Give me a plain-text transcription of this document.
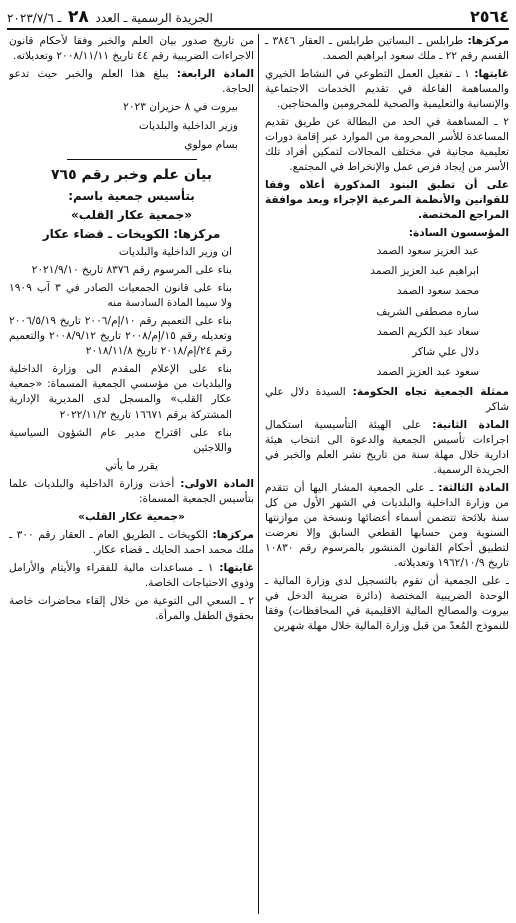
٢٥٦٤
الجريدة الرسمية ـ العدد ٢٨ ـ ٢٠٢٣/٧/٦

مركزها: طرابلس ـ البساتين طرابلس ـ العقار ٣٨٤٦ ـ القسم رقم ٢٢ ـ ملك سعود ابراهيم الصمد.

غايتها: ١ ـ تفعيل العمل التطوعي في النشاط الخيري والمساهمة الفاعلة في تقديم الخدمات الاجتماعية والإنسانية والتعليمية والصحية للمحرومين والمحتاجين.

٢ ـ المساهمة في الحد من البطالة عن طريق تقديم المساعدة للأسر المحرومة من الموارد عبر إقامة دورات تعليمية مجانية في مختلف المجالات لتمكين أفراد تلك الأسر من إيجاد فرص عمل والإنخراط في المجتمع.

على أن تطبق البنود المذكورة أعلاه وفقا للقوانين والأنظمة المرعية الإجراء وبعد موافقة المراجع المختصة.

المؤسسون السادة:

عبد العزيز سعود الصمد

ابراهيم عبد العزيز الصمد

محمد سعود الصمد

ساره مصطفى الشريف

سعاد عبد الكريم الصمد

دلال علي شاكر

سعود عبد العزيز الصمد

ممثلة الجمعية تجاه الحكومة: السيدة دلال علي شاكر

المادة الثانية: على الهيئة التأسيسية استكمال اجراءات تأسيس الجمعية والدعوة الى انتخاب هيئة ادارية خلال مهلة سنة من تاريخ نشر العلم والخبر في الجريدة الرسمية.

المادة الثالثة: ـ على الجمعية المشار اليها أن تتقدم من وزارة الداخلية والبلديات في الشهر الأول من كل سنة بلائحة تتضمن أسماء أعضائها ونسخة من موازنتها السنوية ومن حسابها القطعي السابق وإلا نعرضت لتطبيق أحكام القانون المنشور بالمرسوم رقم ١٠٨٣٠ تاريخ ١٩٦٢/١٠/٩ وتعديلاته.

ـ على الجمعية أن تقوم بالتسجيل لدى وزارة المالية ـ الوحدة الضريبية المختصة (دائرة ضريبة الدخل في بيروت والمصالح المالية الاقليمية في المحافظات) وفقا للنموذج المُعدّ من قبل وزارة المالية خلال مهلة شهرين

من تاريخ صدور بيان العلم والخبر وفقا لأحكام قانون الاجراءات الضريبية رقم ٤٤ تاريخ ٢٠٠٨/١١/١١ وتعديلاته.

المادة الرابعة: يبلغ هذا العلم والخبر حيث تدعو الحاجة.

بيروت في ٨ حزيران ٢٠٢٣

وزير الداخلية والبلديات

بسام مولوي

بيان علم وخبر رقم ٧٦٥
بتأسيس جمعية باسم:
«جمعية عكار القلب»
مركزها: الكويخات ـ قضاء عكار

ان وزير الداخلية والبلديات

بناء على المرسوم رقم ٨٣٧٦ تاريخ ٢٠٢١/٩/١٠

بناء على قانون الجمعيات الصادر في ٣ آب ١٩٠٩ ولا سيما المادة السادسة منه

بناء على التعميم رقم ١٠/إم/٢٠٠٦ تاريخ ٢٠٠٦/٥/١٩ وتعديله رقم ١٥/إم/٢٠٠٨ تاريخ ٢٠٠٨/٩/١٢ والتعميم رقم ٢٤/إم/٢٠١٨ تاريخ ٢٠١٨/١١/٨

بناء على الإعلام المقدم الى وزارة الداخلية والبلديات من مؤسسي الجمعية المسماة: «جمعية عكار القلب» والمسجل لدى المديرية الإدارية المشتركة برقم ١٦٦٧١ تاريخ ٢٠٢٢/١١/٢

بناء على اقتراح مدير عام الشؤون السياسية واللاجئين

يقرر ما يأتي

المادة الاولى: أخذت وزارة الداخلية والبلديات علما بتأسيس الجمعية المسماة:

«جمعية عكار القلب»

مركزها: الكويخات ـ الطريق العام ـ العقار رقم ٣٠٠ ـ ملك محمد احمد الحايك ـ قضاء عكار.

غايتها: ١ ـ مساعدات مالية للفقراء والأيتام والأرامل وذوي الاحتياجات الخاصة.

٢ ـ السعي الى التوعية من خلال إلقاء محاضرات خاصة بحقوق الطفل والمرأة.
